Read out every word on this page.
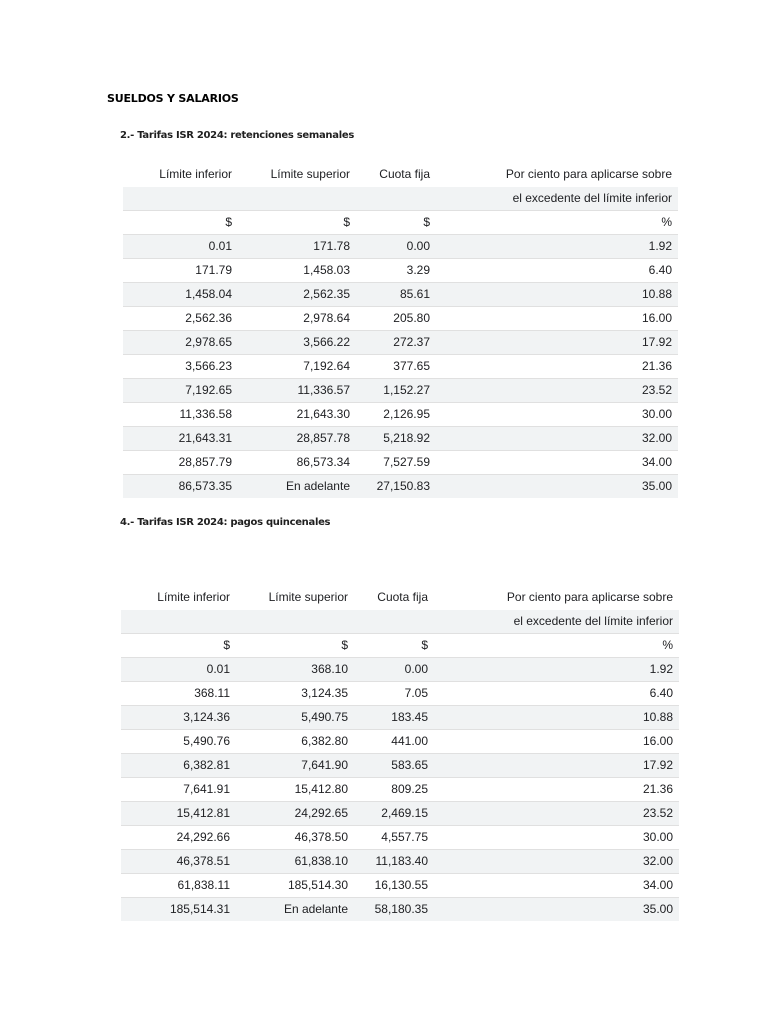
SUELDOS Y SALARIOS
2.- Tarifas ISR 2024: retenciones semanales
Límite inferior	Límite superior	Cuota fija	Por ciento para aplicarse sobre
			el excedente del límite inferior
$	$	$	%
0.01	171.78	0.00	1.92
171.79	1,458.03	3.29	6.40
1,458.04	2,562.35	85.61	10.88
2,562.36	2,978.64	205.80	16.00
2,978.65	3,566.22	272.37	17.92
3,566.23	7,192.64	377.65	21.36
7,192.65	11,336.57	1,152.27	23.52
11,336.58	21,643.30	2,126.95	30.00
21,643.31	28,857.78	5,218.92	32.00
28,857.79	86,573.34	7,527.59	34.00
86,573.35	En adelante	27,150.83	35.00
4.- Tarifas ISR 2024: pagos quincenales
Límite inferior	Límite superior	Cuota fija	Por ciento para aplicarse sobre
			el excedente del límite inferior
$	$	$	%
0.01	368.10	0.00	1.92
368.11	3,124.35	7.05	6.40
3,124.36	5,490.75	183.45	10.88
5,490.76	6,382.80	441.00	16.00
6,382.81	7,641.90	583.65	17.92
7,641.91	15,412.80	809.25	21.36
15,412.81	24,292.65	2,469.15	23.52
24,292.66	46,378.50	4,557.75	30.00
46,378.51	61,838.10	11,183.40	32.00
61,838.11	185,514.30	16,130.55	34.00
185,514.31	En adelante	58,180.35	35.00
